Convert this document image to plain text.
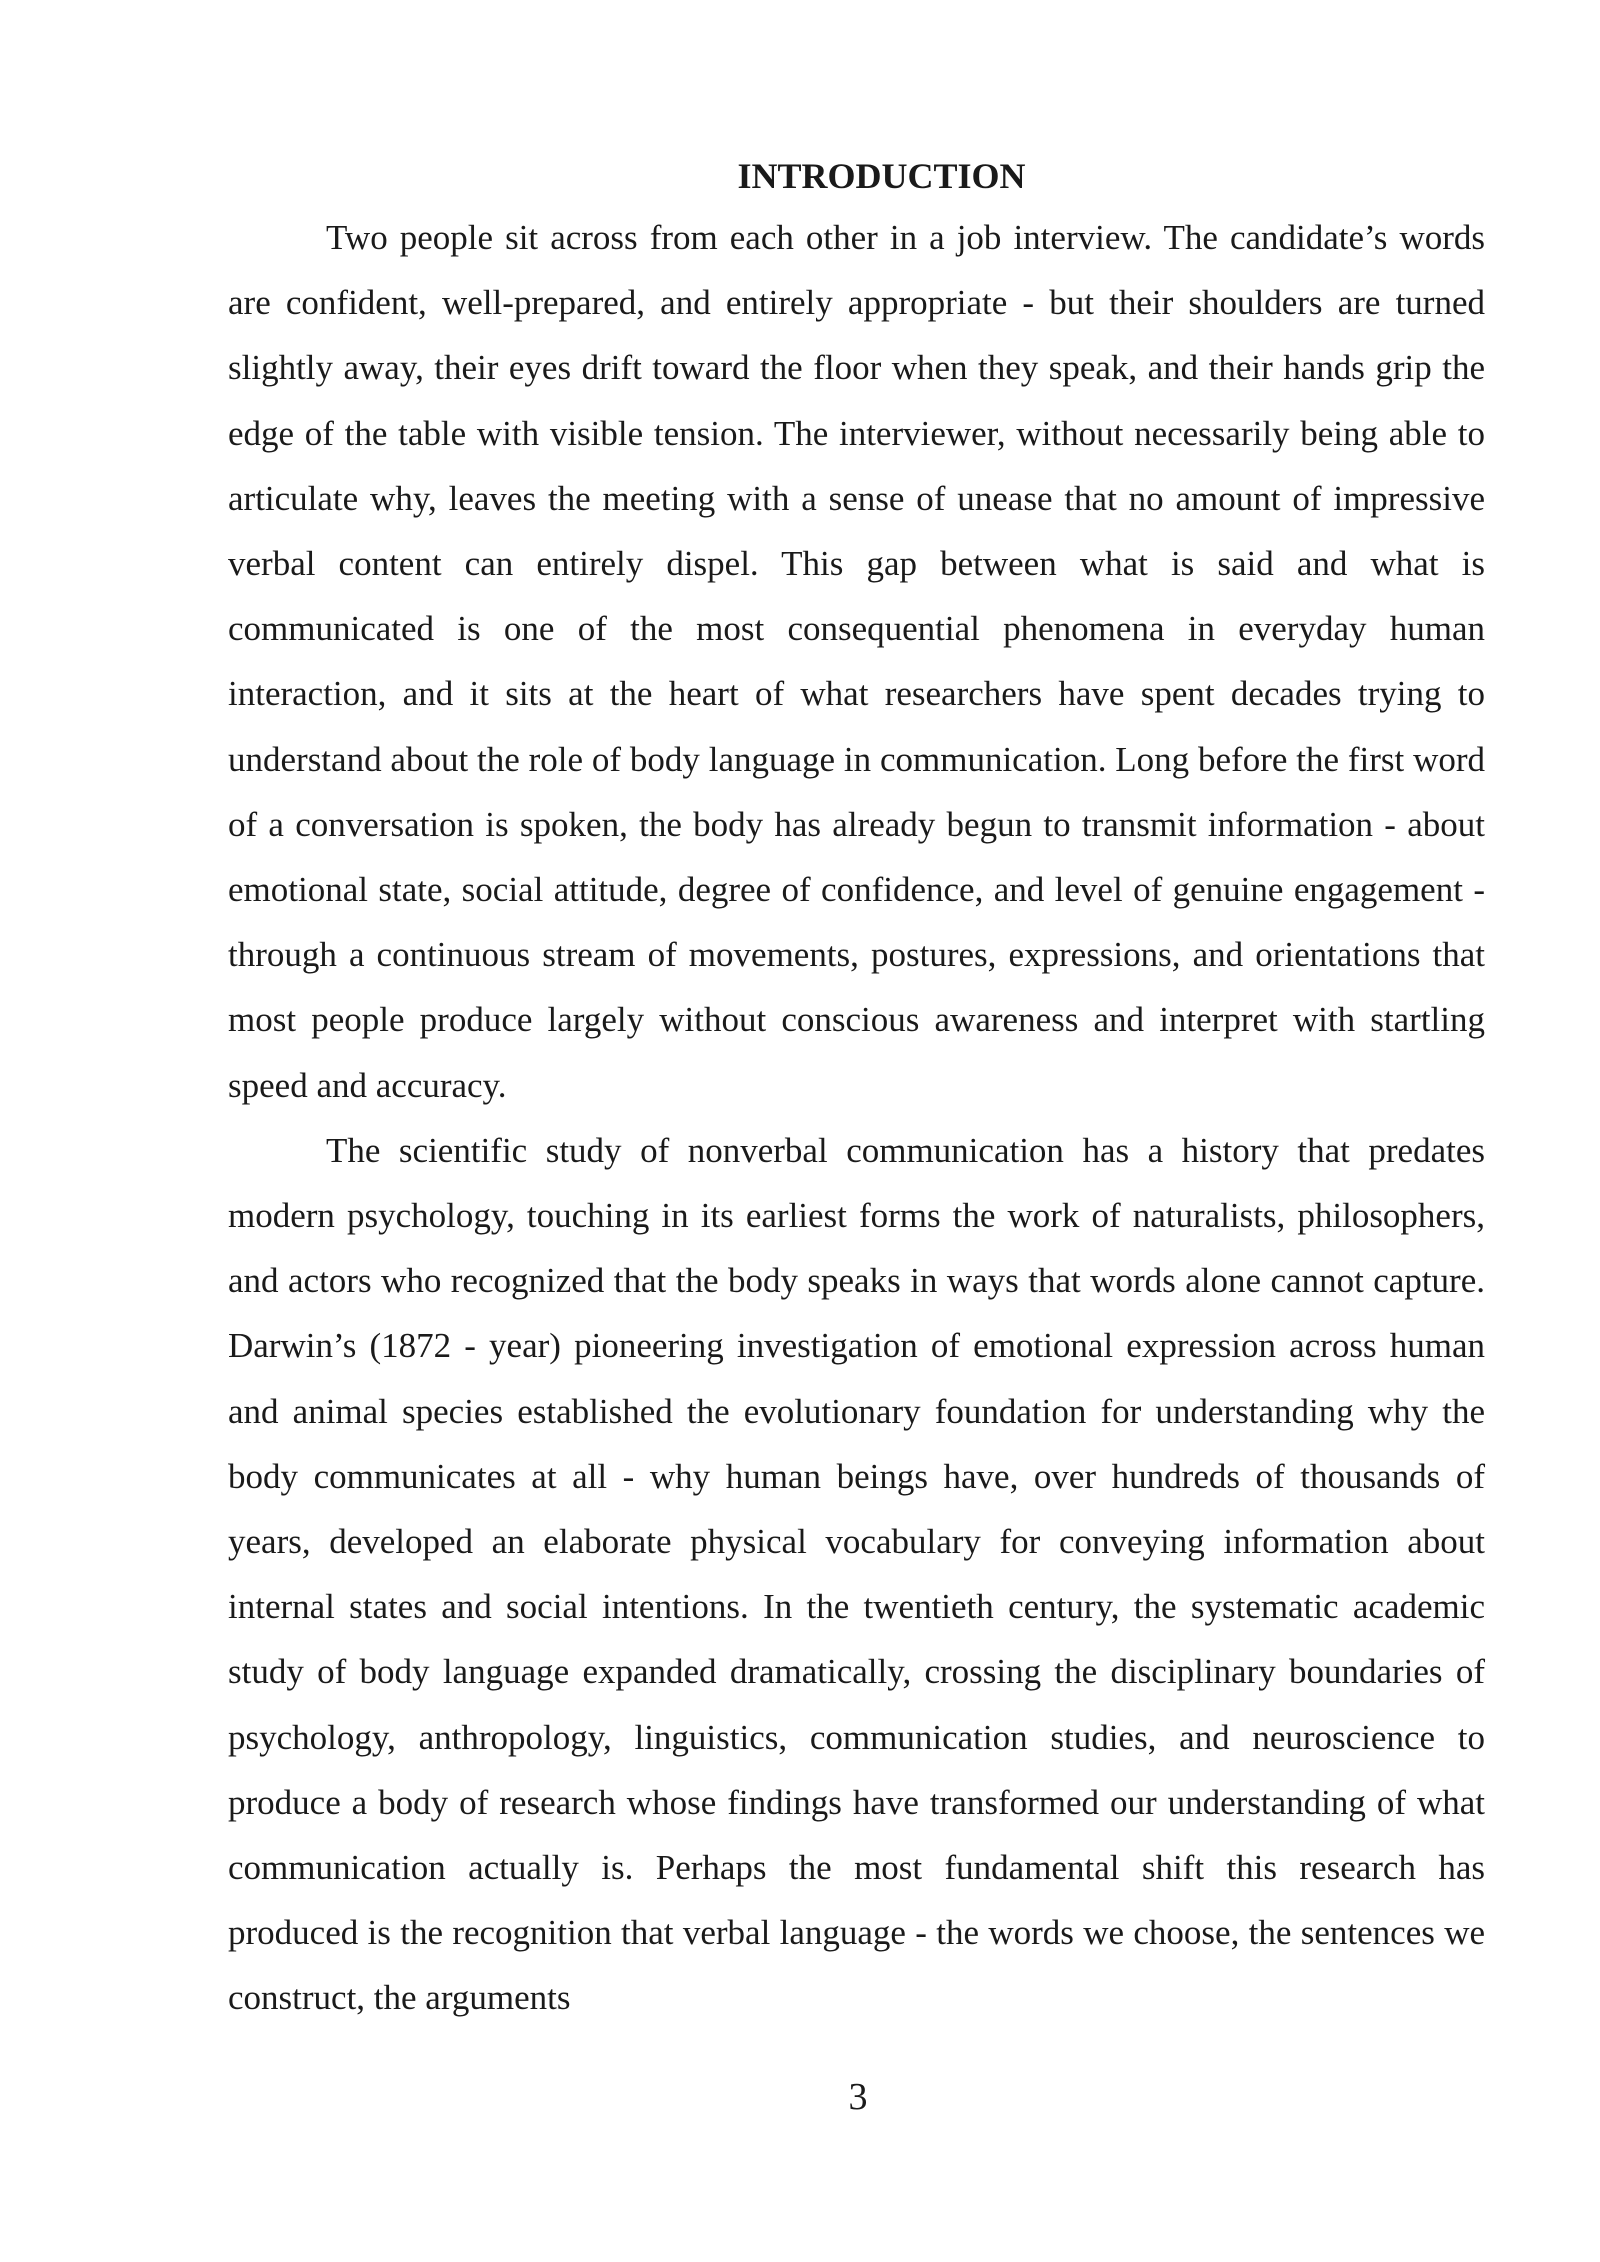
INTRODUCTION

Two people sit across from each other in a job interview. The candidate’s words are confident, well-prepared, and entirely appropriate - but their shoulders are turned slightly away, their eyes drift toward the floor when they speak, and their hands grip the edge of the table with visible tension. The interviewer, without necessarily being able to articulate why, leaves the meeting with a sense of unease that no amount of impressive verbal content can entirely dispel. This gap between what is said and what is communicated is one of the most consequential phenomena in everyday human interaction, and it sits at the heart of what researchers have spent decades trying to understand about the role of body language in communication. Long before the first word of a conversation is spoken, the body has already begun to transmit information - about emotional state, social attitude, degree of confidence, and level of genuine engagement - through a continuous stream of movements, postures, expressions, and orientations that most people produce largely without conscious awareness and interpret with startling speed and accuracy.

The scientific study of nonverbal communication has a history that predates modern psychology, touching in its earliest forms the work of naturalists, philosophers, and actors who recognized that the body speaks in ways that words alone cannot capture. Darwin’s (1872 - year) pioneering investigation of emotional expression across human and animal species established the evolutionary foundation for understanding why the body communicates at all - why human beings have, over hundreds of thousands of years, developed an elaborate physical vocabulary for conveying information about internal states and social intentions. In the twentieth century, the systematic academic study of body language expanded dramatically, crossing the disciplinary boundaries of psychology, anthropology, linguistics, communication studies, and neuroscience to produce a body of research whose findings have transformed our understanding of what communication actually is. Perhaps the most fundamental shift this research has produced is the recognition that verbal language - the words we choose, the sentences we construct, the arguments

3
